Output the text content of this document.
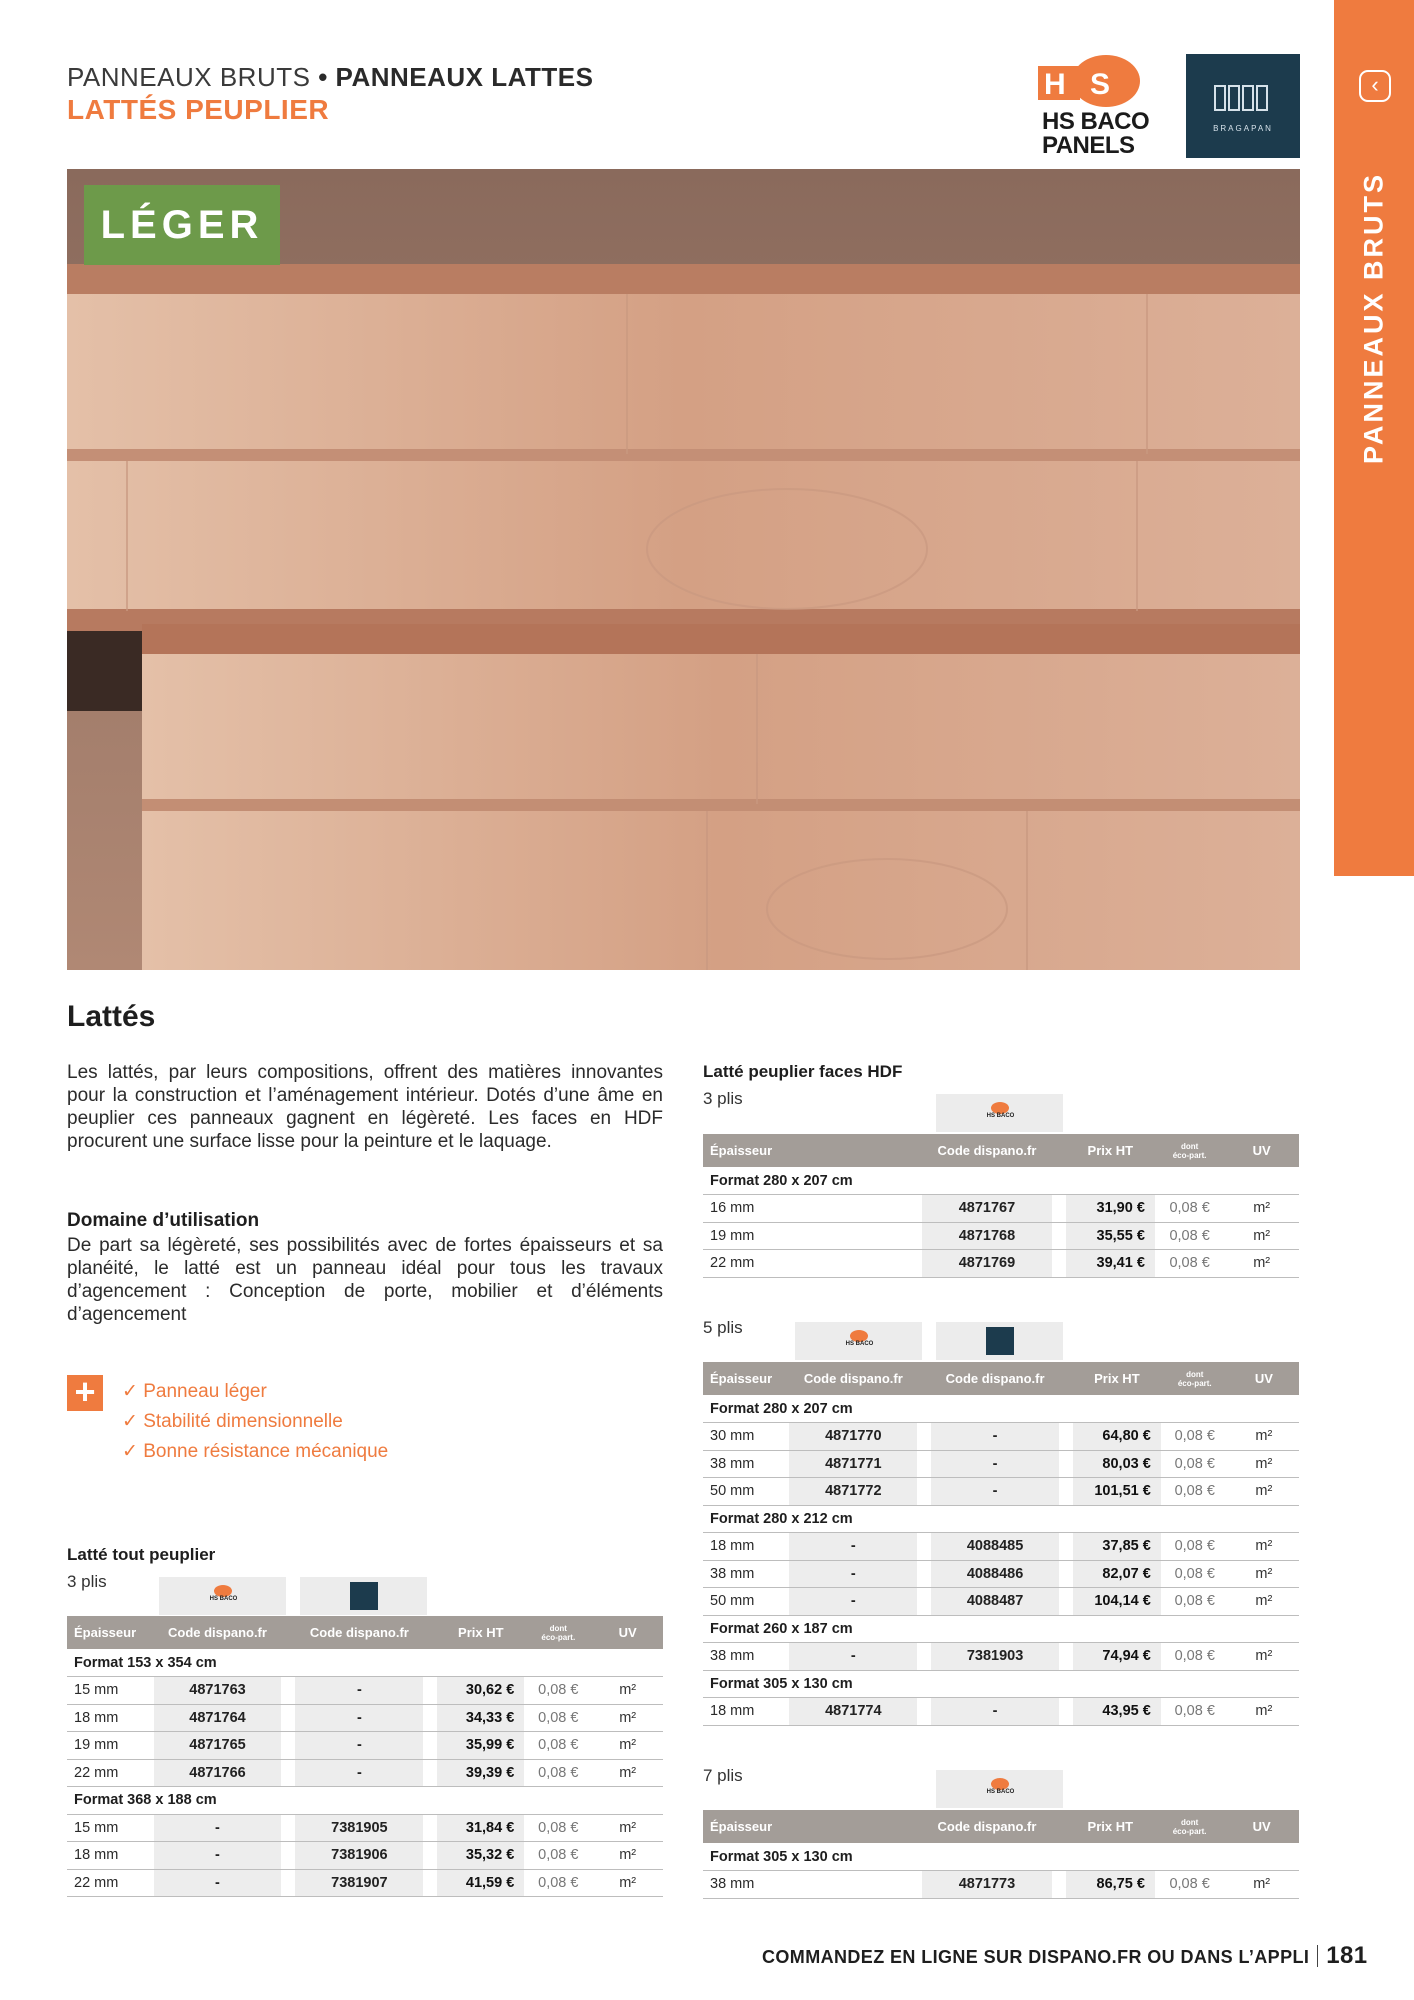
PANNEAUX BRUTS • PANNEAUX LATTES
LATTÉS PEUPLIER
H S
HS BACO
PANELS
BRAGAPAN
‹
PANNEAUX BRUTS
LÉGER
Lattés
Les lattés, par leurs compositions, offrent des matières innovantes pour la construction et l’aménagement intérieur. Dotés d’une âme en peuplier ces panneaux gagnent en légèreté. Les faces en HDF procurent une surface lisse pour la peinture et le laquage.
Domaine d’utilisation
De part sa légèreté, ses possibilités avec de fortes épaisseurs et sa planéité, le latté est un panneau idéal pour tous les travaux d’agencement : Conception de porte, mobilier et d’éléments d’agencement
+	✓ Panneau léger
✓ Stabilité dimensionnelle
✓ Bonne résistance mécanique
Latté tout peuplier
3 plis
HS BACO
Épaisseur	Code dispano.fr		Code dispano.fr		Prix HT	dont
éco-part.	UV
Format 153 x 354 cm							
15 mm	4871763		-		30,62 €	0,08 €	m²
18 mm	4871764		-		34,33 €	0,08 €	m²
19 mm	4871765		-		35,99 €	0,08 €	m²
22 mm	4871766		-		39,39 €	0,08 €	m²
Format 368 x 188 cm							
15 mm	-		7381905		31,84 €	0,08 €	m²
18 mm	-		7381906		35,32 €	0,08 €	m²
22 mm	-		7381907		41,59 €	0,08 €	m²
Latté peuplier faces HDF
3 plis
HS BACO
Épaisseur	Code dispano.fr		Prix HT	dont
éco-part.	UV
Format 280 x 207 cm					
16 mm	4871767		31,90 €	0,08 €	m²
19 mm	4871768		35,55 €	0,08 €	m²
22 mm	4871769		39,41 €	0,08 €	m²
5 plis
HS BACO
Épaisseur	Code dispano.fr		Code dispano.fr		Prix HT	dont
éco-part.	UV
Format 280 x 207 cm							
30 mm	4871770		-		64,80 €	0,08 €	m²
38 mm	4871771		-		80,03 €	0,08 €	m²
50 mm	4871772		-		101,51 €	0,08 €	m²
Format 280 x 212 cm							
18 mm	-		4088485		37,85 €	0,08 €	m²
38 mm	-		4088486		82,07 €	0,08 €	m²
50 mm	-		4088487		104,14 €	0,08 €	m²
Format 260 x 187 cm							
38 mm	-		7381903		74,94 €	0,08 €	m²
Format 305 x 130 cm							
18 mm	4871774		-		43,95 €	0,08 €	m²
7 plis
HS BACO
Épaisseur	Code dispano.fr		Prix HT	dont
éco-part.	UV
Format 305 x 130 cm					
38 mm	4871773		86,75 €	0,08 €	m²
COMMANDEZ EN LIGNE SUR DISPANO.FR OU DANS L’APPLI 181
